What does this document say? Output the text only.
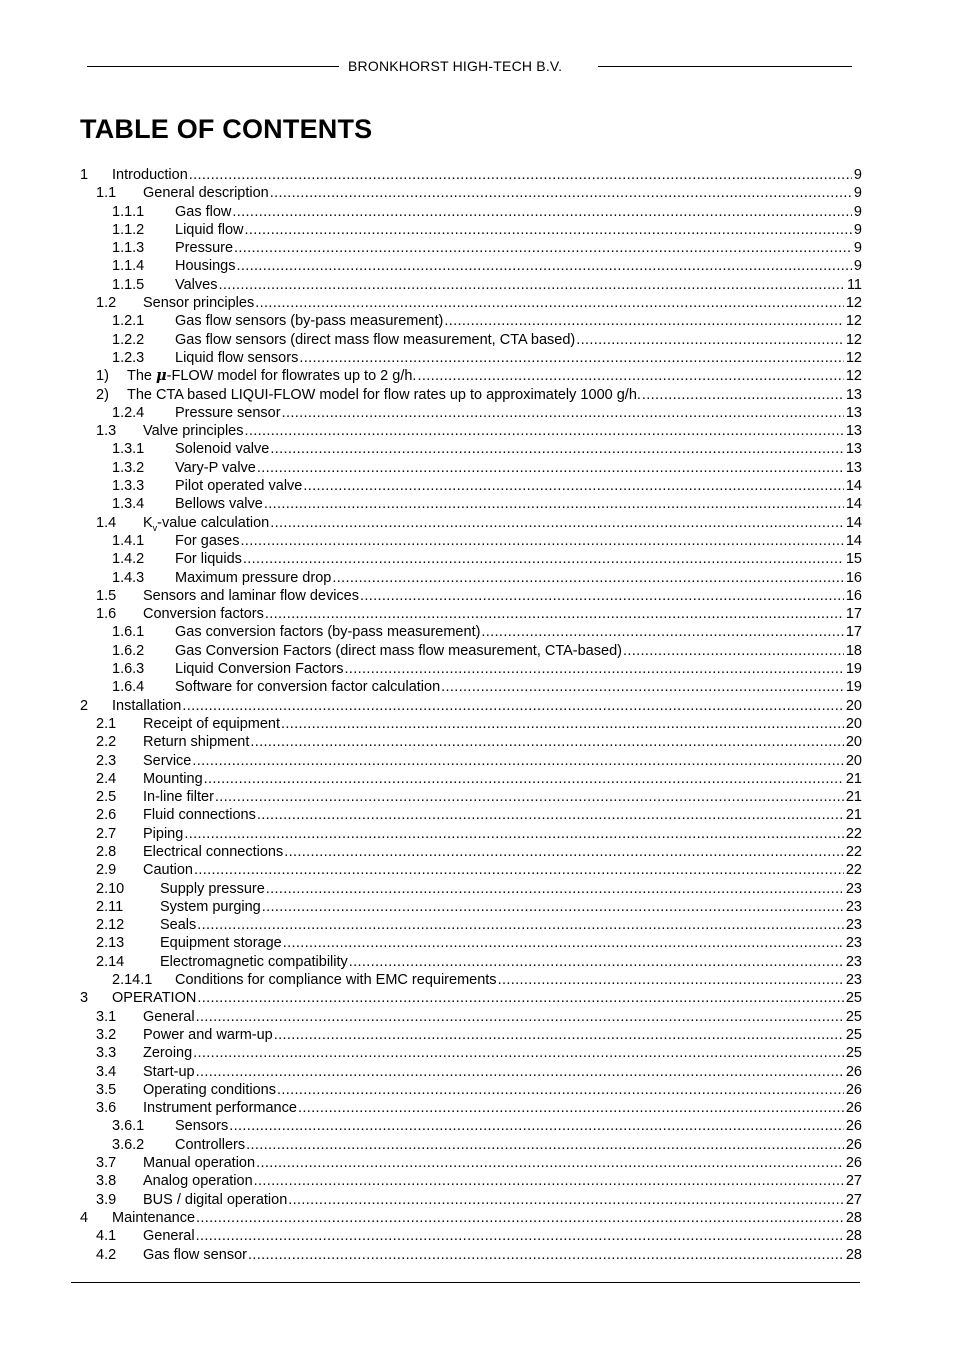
BRONKHORST HIGH-TECH B.V.
TABLE OF CONTENTS
1 Introduction .....	9
1.1 General description .....	9
1.1.1 Gas flow .....	9
1.1.2 Liquid flow .....	9
1.1.3 Pressure .....	9
1.1.4 Housings .....	9
1.1.5 Valves .....	11
1.2 Sensor principles .....	12
1.2.1 Gas flow sensors (by-pass measurement) .....	12
1.2.2 Gas flow sensors (direct mass flow measurement, CTA based) .....	12
1.2.3 Liquid flow sensors .....	12
1) The μ-FLOW model for flowrates up to 2 g/h. .....	12
2) The CTA based LIQUI-FLOW model for flow rates up to approximately 1000 g/h. .....	13
1.2.4 Pressure sensor .....	13
1.3 Valve principles .....	13
1.3.1 Solenoid valve .....	13
1.3.2 Vary-P valve .....	13
1.3.3 Pilot operated valve .....	14
1.3.4 Bellows valve .....	14
1.4 $K_v$-value calculation .....	14
1.4.1 For gases .....	14
1.4.2 For liquids .....	15
1.4.3 Maximum pressure drop .....	16
1.5 Sensors and laminar flow devices .....	16
1.6 Conversion factors .....	17
1.6.1 Gas conversion factors (by-pass measurement) .....	17
1.6.2 Gas Conversion Factors (direct mass flow measurement, CTA-based) .....	18
1.6.3 Liquid Conversion Factors .....	19
1.6.4 Software for conversion factor calculation .....	19
2 Installation .....	20
2.1 Receipt of equipment .....	20
2.2 Return shipment .....	20
2.3 Service .....	20
2.4 Mounting .....	21
2.5 In-line filter .....	21
2.6 Fluid connections .....	21
2.7 Piping .....	22
2.8 Electrical connections .....	22
2.9 Caution .....	22
2.10 Supply pressure .....	23
2.11	System purging .....	23
2.12 Seals .....	23
2.13 Equipment storage .....	23
2.14 Electromagnetic compatibility .....	23
2.14.1 Conditions for compliance with EMC requirements .....	23
3 OPERATION .....	25
3.1 General .....	25
3.2 Power and warm-up .....	25
3.3 Zeroing .....	25
3.4 Start-up .....	26
3.5 Operating conditions .....	26
3.6 Instrument performance .....	26
3.6.1 Sensors .....	26
3.6.2 Controllers .....	26
3.7 Manual operation .....	26
3.8 Analog operation .....	27
3.9 BUS / digital operation .....	27
4 Maintenance .....	28
4.1 General .....	28
4.2 Gas flow sensor .....	28
